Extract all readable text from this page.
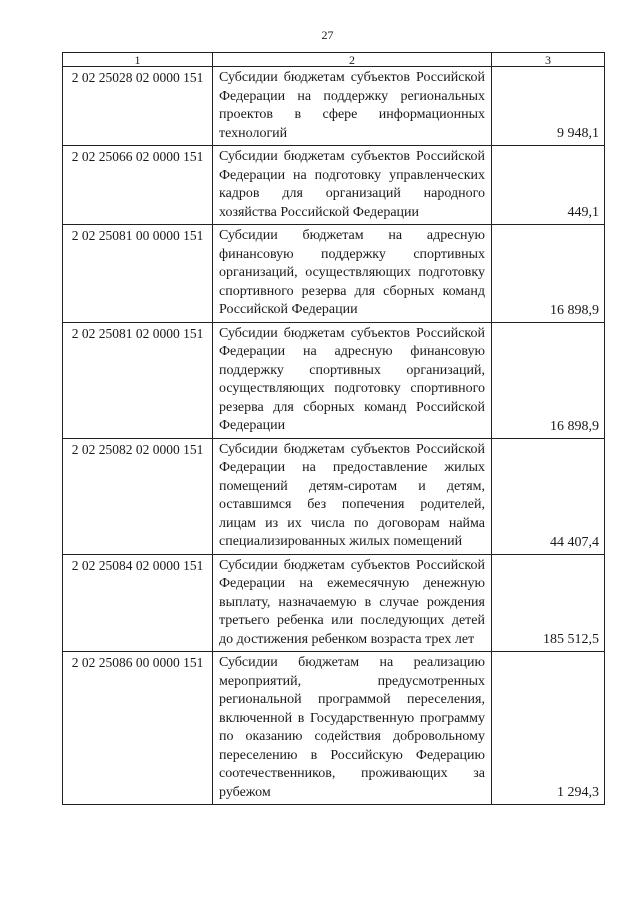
27
1	2	3
2 02 25028 02 0000 151	Субсидии бюджетам субъектов Российской Федерации на поддержку региональных проектов в сфере информационных технологий	9 948,1
2 02 25066 02 0000 151	Субсидии бюджетам субъектов Российской Федерации на подготовку управленческих кадров для организаций народного хозяйства Российской Федерации	449,1
2 02 25081 00 0000 151	Субсидии бюджетам на адресную финансовую поддержку спортивных организаций, осуществляющих подготовку спортивного резерва для сборных команд Российской Федерации	16 898,9
2 02 25081 02 0000 151	Субсидии бюджетам субъектов Российской Федерации на адресную финансовую поддержку спортивных организаций, осуществляющих подготовку спортивного резерва для сборных команд Российской Федерации	16 898,9
2 02 25082 02 0000 151	Субсидии бюджетам субъектов Российской Федерации на предоставление жилых помещений детям-сиротам и детям, оставшимся без попечения родителей, лицам из их числа по договорам найма специализированных жилых помещений	44 407,4
2 02 25084 02 0000 151	Субсидии бюджетам субъектов Российской Федерации на ежемесячную денежную выплату, назначаемую в случае рождения третьего ребенка или последующих детей до достижения ребенком возраста трех лет	185 512,5
2 02 25086 00 0000 151	Субсидии бюджетам на реализацию мероприятий, предусмотренных региональной программой переселения, включенной в Государственную программу по оказанию содействия добровольному переселению в Российскую Федерацию соотечественников, проживающих за рубежом	1 294,3
